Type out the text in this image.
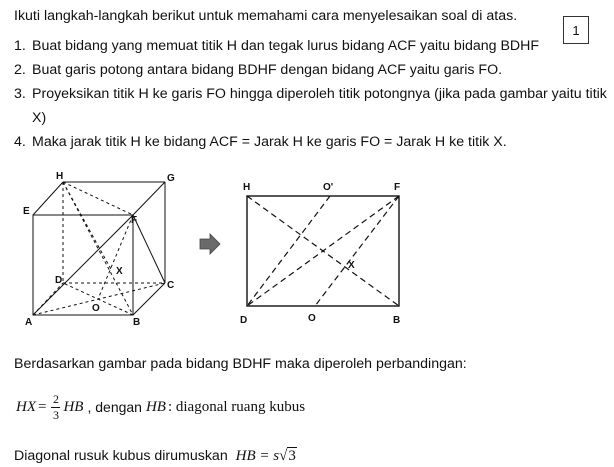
Ikuti langkah-langkah berikut untuk memahami cara menyelesaikan soal di atas.
1
1. Buat bidang yang memuat titik H dan tegak lurus bidang ACF yaitu bidang BDHF
2. Buat garis potong antara bidang BDHF dengan bidang ACF yaitu garis FO.
3. Proyeksikan titik H ke garis FO hingga diperoleh titik potongnya (jika pada gambar yaitu titik X)
4. Maka jarak titik H ke bidang ACF = Jarak H ke garis FO = Jarak H ke titik X.
H	G
E
F
D	C
A	B
O
X
H	O'	F
D	O	B
X
Berdasarkan gambar pada bidang BDHF maka diperoleh perbandingan:
HX = $\frac{2}{3}$ HB , dengan HB : diagonal ruang kubus
Diagonal rusuk kubus dirumuskan HB = s√3
